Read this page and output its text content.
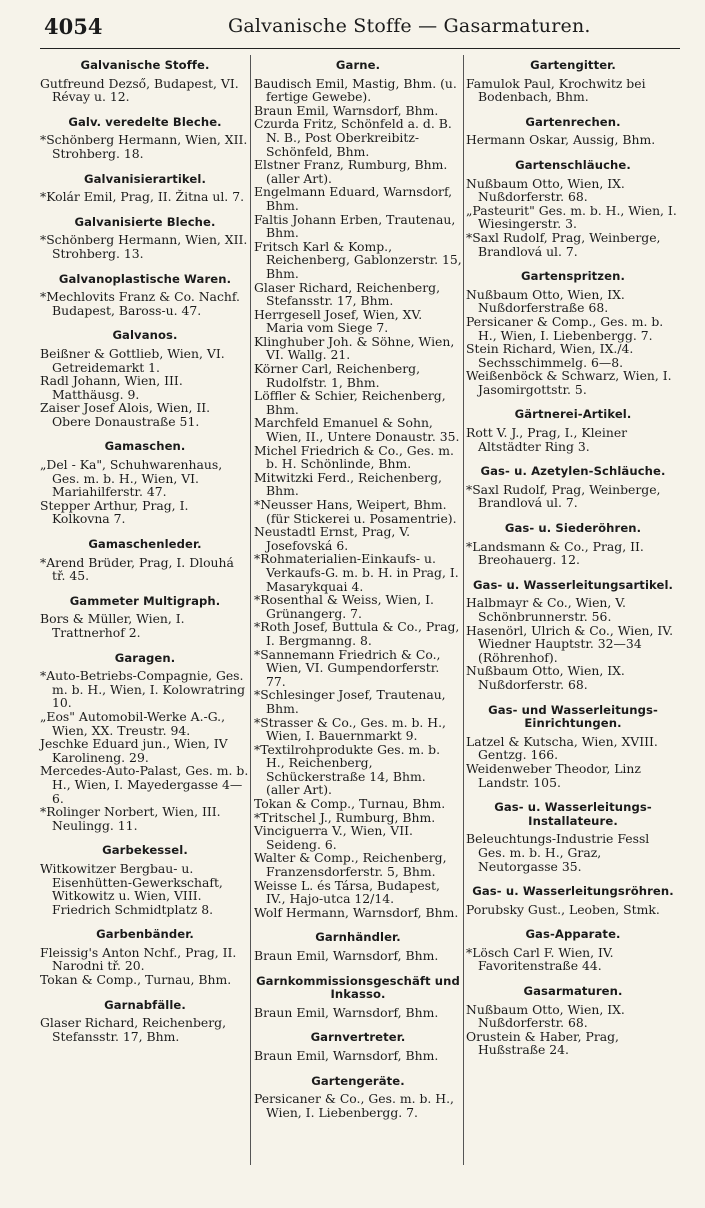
4054	Galvanische Stoffe — Gasarmaturen.
Galvanische Stoffe.
Gutfreund Dezső, Budapest, VI. Révay u. 12.
Galv. veredelte Bleche.
*Schönberg Hermann, Wien, XII. Strohberg. 18.
Galvanisierartikel.
*Kolár Emil, Prag, II. Žitna ul. 7.
Galvanisierte Bleche.
*Schönberg Hermann, Wien, XII. Strohberg. 13.
Galvanoplastische Waren.
*Mechlovits Franz & Co. Nachf. Budapest, Baross-u. 47.
Galvanos.
Beißner & Gottlieb, Wien, VI. Getreidemarkt 1.
Radl Johann, Wien, III. Matthäusg. 9.
Zaiser Josef Alois, Wien, II. Obere Donaustraße 51.
Gamaschen.
„Del - Ka", Schuhwarenhaus, Ges. m. b. H., Wien, VI. Mariahilferstr. 47.
Stepper Arthur, Prag, I. Kolkovna 7.
Gamaschenleder.
*Arend Brüder, Prag, I. Dlouhá tř. 45.
Gammeter Multigraph.
Bors & Müller, Wien, I. Trattnerhof 2.
Garagen.
*Auto-Betriebs-Compagnie, Ges. m. b. H., Wien, I. Kolowratring 10.
„Eos" Automobil-Werke A.-G., Wien, XX. Treustr. 94.
Jeschke Eduard jun., Wien, IV Karolineng. 29.
Mercedes-Auto-Palast, Ges. m. b. H., Wien, I. Mayedergasse 4—6.
*Rolinger Norbert, Wien, III. Neulingg. 11.
Garbekessel.
Witkowitzer Bergbau- u. Eisenhütten-Gewerkschaft, Witkowitz u. Wien, VIII. Friedrich Schmidtplatz 8.
Garbenbänder.
Fleissig's Anton Nchf., Prag, II. Narodni tř. 20.
Tokan & Comp., Turnau, Bhm.
Garnabfälle.
Glaser Richard, Reichenberg, Stefansstr. 17, Bhm.
Garne.
Baudisch Emil, Mastig, Bhm. (u. fertige Gewebe).
Braun Emil, Warnsdorf, Bhm.
Czurda Fritz, Schönfeld a. d. B. N. B., Post Oberkreibitz-Schönfeld, Bhm.
Elstner Franz, Rumburg, Bhm. (aller Art).
Engelmann Eduard, Warnsdorf, Bhm.
Faltis Johann Erben, Trautenau, Bhm.
Fritsch Karl & Komp., Reichenberg, Gablonzerstr. 15, Bhm.
Glaser Richard, Reichenberg, Stefansstr. 17, Bhm.
Herrgesell Josef, Wien, XV. Maria vom Siege 7.
Klinghuber Joh. & Söhne, Wien, VI. Wallg. 21.
Körner Carl, Reichenberg, Rudolfstr. 1, Bhm.
Löffler & Schier, Reichenberg, Bhm.
Marchfeld Emanuel & Sohn, Wien, II., Untere Donaustr. 35.
Michel Friedrich & Co., Ges. m. b. H. Schönlinde, Bhm.
Mitwitzki Ferd., Reichenberg, Bhm.
*Neusser Hans, Weipert, Bhm. (für Stickerei u. Posamentrie).
Neustadtl Ernst, Prag, V. Josefovská 6.
*Rohmaterialien-Einkaufs- u. Verkaufs-G. m. b. H. in Prag, I. Masarykquai 4.
*Rosenthal & Weiss, Wien, I. Grünangerg. 7.
*Roth Josef, Buttula & Co., Prag, I. Bergmanng. 8.
*Sannemann Friedrich & Co., Wien, VI. Gumpendorferstr. 77.
*Schlesinger Josef, Trautenau, Bhm.
*Strasser & Co., Ges. m. b. H., Wien, I. Bauernmarkt 9.
*Textilrohprodukte Ges. m. b. H., Reichenberg, Schückerstraße 14, Bhm. (aller Art).
Tokan & Comp., Turnau, Bhm.
*Tritschel J., Rumburg, Bhm.
Vinciguerra V., Wien, VII. Seideng. 6.
Walter & Comp., Reichenberg, Franzensdorferstr. 5, Bhm.
Weisse L. és Társa, Budapest, IV., Hajo-utca 12/14.
Wolf Hermann, Warnsdorf, Bhm.
Garnhändler.
Braun Emil, Warnsdorf, Bhm.
Garnkommissionsgeschäft und Inkasso.
Braun Emil, Warnsdorf, Bhm.
Garnvertreter.
Braun Emil, Warnsdorf, Bhm.
Gartengeräte.
Persicaner & Co., Ges. m. b. H., Wien, I. Liebenbergg. 7.
Gartengitter.
Famulok Paul, Krochwitz bei Bodenbach, Bhm.
Gartenrechen.
Hermann Oskar, Aussig, Bhm.
Gartenschläuche.
Nußbaum Otto, Wien, IX. Nußdorferstr. 68.
„Pasteurit" Ges. m. b. H., Wien, I. Wiesingerstr. 3.
*Saxl Rudolf, Prag, Weinberge, Brandlová ul. 7.
Gartenspritzen.
Nußbaum Otto, Wien, IX. Nußdorferstraße 68.
Persicaner & Comp., Ges. m. b. H., Wien, I. Liebenbergg. 7.
Stein Richard, Wien, IX./4. Sechsschimmelg. 6—8.
Weißenböck & Schwarz, Wien, I. Jasomirgottstr. 5.
Gärtnerei-Artikel.
Rott V. J., Prag, I., Kleiner Altstädter Ring 3.
Gas- u. Azetylen-Schläuche.
*Saxl Rudolf, Prag, Weinberge, Brandlová ul. 7.
Gas- u. Siederöhren.
*Landsmann & Co., Prag, II. Breohauerg. 12.
Gas- u. Wasserleitungsartikel.
Halbmayr & Co., Wien, V. Schönbrunnerstr. 56.
Hasenörl, Ulrich & Co., Wien, IV. Wiedner Hauptstr. 32—34 (Röhrenhof).
Nußbaum Otto, Wien, IX. Nußdorferstr. 68.
Gas- und Wasserleitungs-Einrichtungen.
Latzel & Kutscha, Wien, XVIII. Gentzg. 166.
Weidenweber Theodor, Linz Landstr. 105.
Gas- u. Wasserleitungs-Installateure.
Beleuchtungs-Industrie Fessl Ges. m. b. H., Graz, Neutorgasse 35.
Gas- u. Wasserleitungsröhren.
Porubsky Gust., Leoben, Stmk.
Gas-Apparate.
*Lösch Carl F. Wien, IV. Favoritenstraße 44.
Gasarmaturen.
Nußbaum Otto, Wien, IX. Nußdorferstr. 68.
Orustein & Haber, Prag, Hußstraße 24.
